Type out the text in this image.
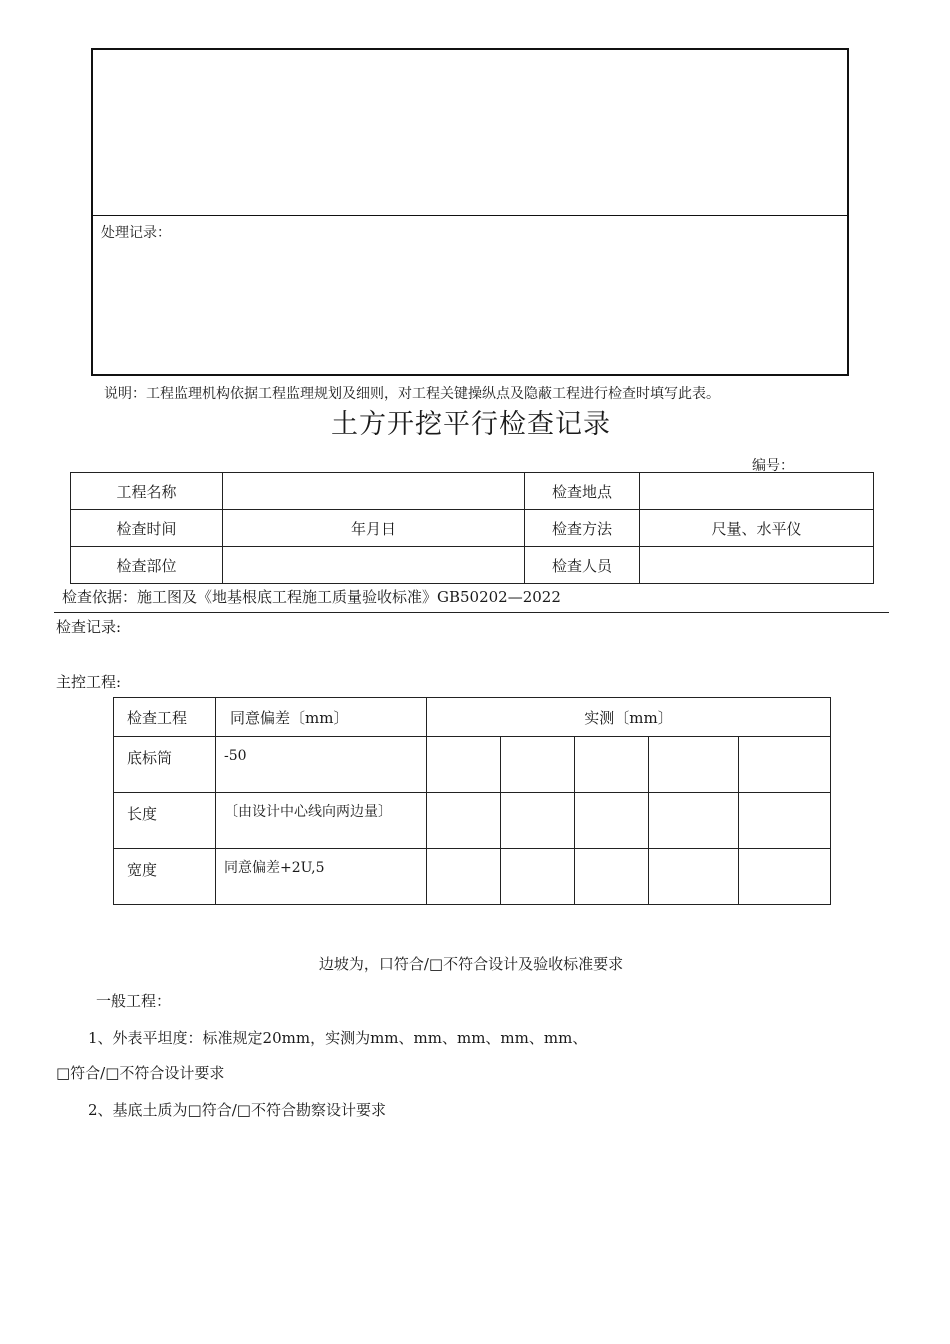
处理记录：
说明：工程监理机构依据工程监理规划及细则，对工程关键操纵点及隐蔽工程进行检查时填写此表。
土方开挖平行检查记录
编号：
工程名称		检查地点	
检查时间	年月日	检查方法	尺量、水平仪
检查部位		检查人员	
检查依据：施工图及《地基根底工程施工质量验收标准》GB50202—2022
检查记录:
主控工程:
检查工程	同意偏差〔mm〕	实测〔mm〕				
底标筒	-50					
长度	〔由设计中心线向两边量〕					
宽度	同意偏差+2U,5					
边坡为，口符合/□不符合设计及验收标准要求
一般工程：
1、外表平坦度：标准规定20mm，实测为mm、mm、mm、mm、mm、
□符合/□不符合设计要求
2、基底土质为□符合/□不符合勘察设计要求
